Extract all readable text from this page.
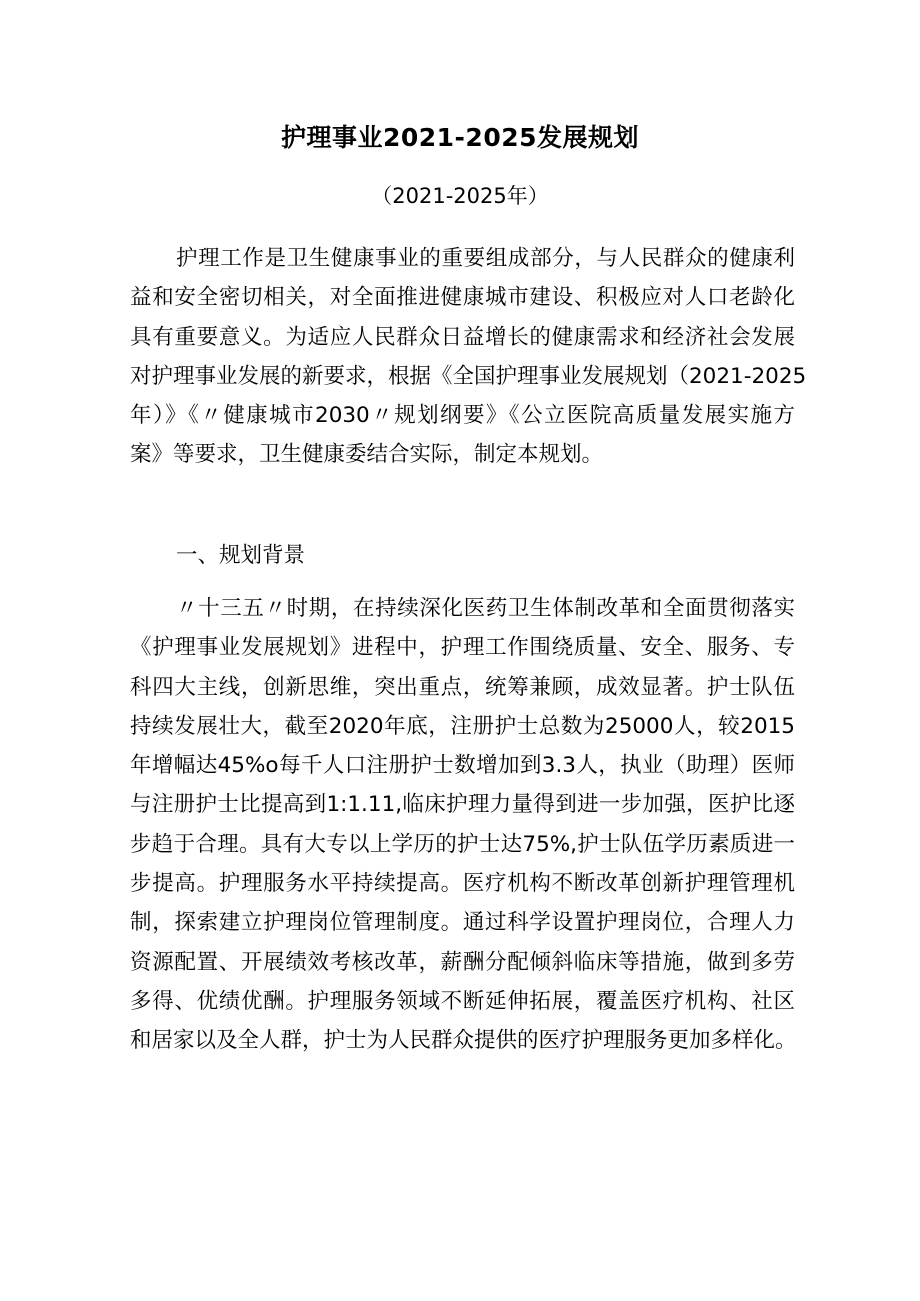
护理事业2021-2025发展规划
（2021-2025年）
护理工作是卫生健康事业的重要组成部分，与人民群众的健康利
益和安全密切相关，对全面推进健康城市建设、积极应对人口老龄化
具有重要意义。为适应人民群众日益增长的健康需求和经济社会发展
对护理事业发展的新要求，根据《全国护理事业发展规划（2021-2025
年）》《〃健康城市2030〃规划纲要》《公立医院高质量发展实施方
案》等要求，卫生健康委结合实际，制定本规划。
一、规划背景
〃十三五〃时期，在持续深化医药卫生体制改革和全面贯彻落实
《护理事业发展规划》进程中，护理工作围绕质量、安全、服务、专
科四大主线，创新思维，突出重点，统筹兼顾，成效显著。护士队伍
持续发展壮大，截至2020年底，注册护士总数为25000人，较2015
年增幅达45%o每千人口注册护士数增加到3.3人，执业（助理）医师
与注册护士比提高到1:1.11,临床护理力量得到进一步加强，医护比逐
步趋于合理。具有大专以上学历的护士达75%,护士队伍学历素质进一
步提高。护理服务水平持续提高。医疗机构不断改革创新护理管理机
制，探索建立护理岗位管理制度。通过科学设置护理岗位，合理人力
资源配置、开展绩效考核改革，薪酬分配倾斜临床等措施，做到多劳
多得、优绩优酬。护理服务领域不断延伸拓展，覆盖医疗机构、社区
和居家以及全人群，护士为人民群众提供的医疗护理服务更加多样化。
